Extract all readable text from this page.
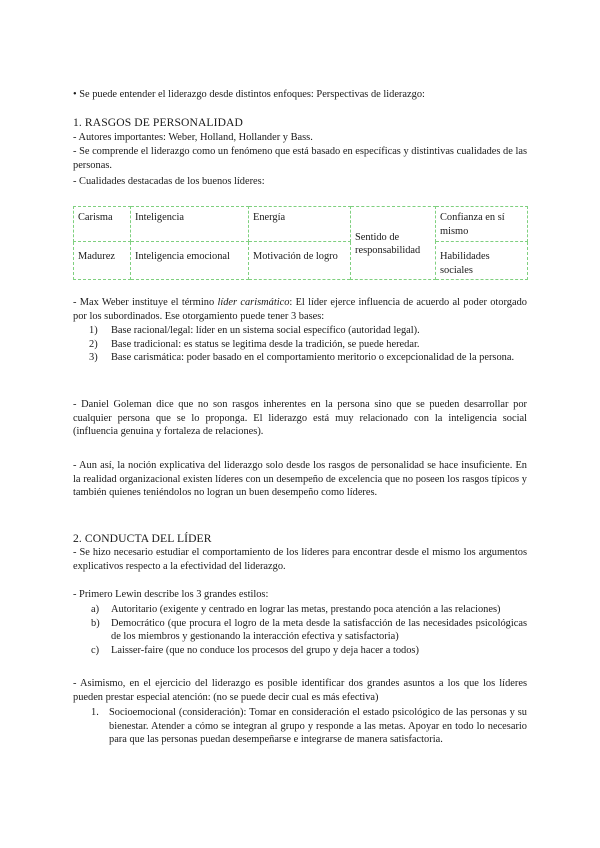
• Se puede entender el liderazgo desde distintos enfoques: Perspectivas de liderazgo:

1. RASGOS DE PERSONALIDAD

- Autores importantes: Weber, Holland, Hollander y Bass.

- Se comprende el liderazgo como un fenómeno que está basado en específicas y distintivas cualidades de las personas.

- Cualidades destacadas de los buenos líderes:

Carisma	Inteligencia	Energía	Sentido de responsabilidad	Confianza en sí mismo
Madurez	Inteligencia emocional	Motivación de logro		Habilidades sociales

- Max Weber instituye el término líder carismático: El líder ejerce influencia de acuerdo al poder otorgado por los subordinados. Ese otorgamiento puede tener 3 bases:

1) Base racional/legal: líder en un sistema social específico (autoridad legal).
2) Base tradicional: es status se legitima desde la tradición, se puede heredar.
3) Base carismática: poder basado en el comportamiento meritorio o excepcionalidad de la persona.

- Daniel Goleman dice que no son rasgos inherentes en la persona sino que se pueden desarrollar por cualquier persona que se lo proponga. El liderazgo está muy relacionado con la inteligencia social (influencia genuina y fortaleza de relaciones).

- Aun así, la noción explicativa del liderazgo solo desde los rasgos de personalidad se hace insuficiente. En la realidad organizacional existen líderes con un desempeño de excelencia que no poseen los rasgos típicos y también quienes teniéndolos no logran un buen desempeño como líderes.

2. CONDUCTA DEL LÍDER

- Se hizo necesario estudiar el comportamiento de los líderes para encontrar desde el mismo los argumentos explicativos respecto a la efectividad del liderazgo.

- Primero Lewin describe los 3 grandes estilos:

a) Autoritario (exigente y centrado en lograr las metas, prestando poca atención a las relaciones)
b) Democrático (que procura el logro de la meta desde la satisfacción de las necesidades psicológicas de los miembros y gestionando la interacción efectiva y satisfactoria)
c) Laisser-faire (que no conduce los procesos del grupo y deja hacer a todos)

- Asimismo, en el ejercicio del liderazgo es posible identificar dos grandes asuntos a los que los líderes pueden prestar especial atención: (no se puede decir cual es más efectiva)

1. Socioemocional (consideración): Tomar en consideración el estado psicológico de las personas y su bienestar. Atender a cómo se integran al grupo y responde a las metas. Apoyar en todo lo necesario para que las personas puedan desempeñarse e integrarse de manera satisfactoria.
